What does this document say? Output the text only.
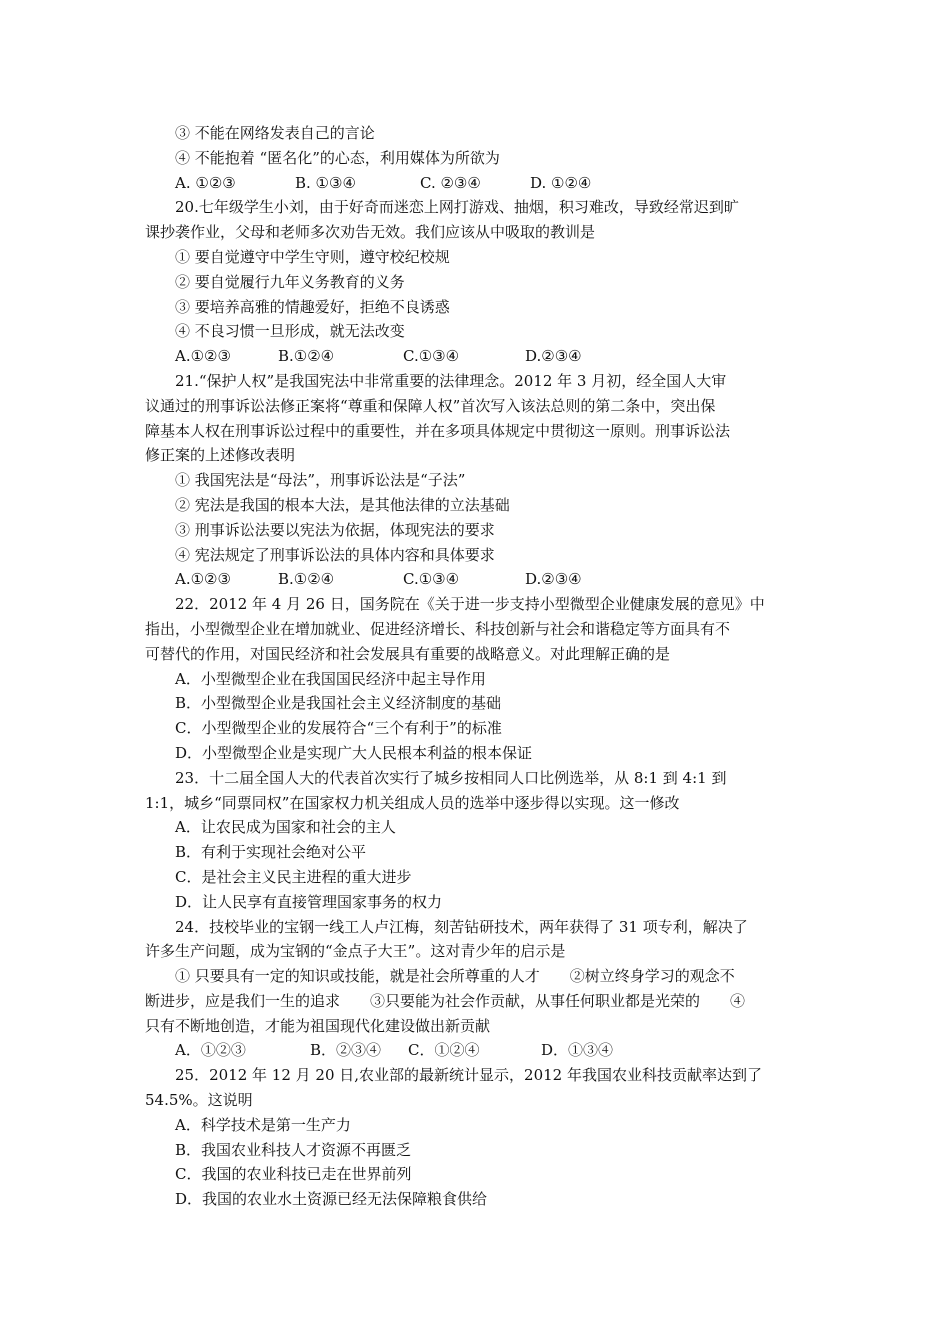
③ 不能在网络发表自己的言论
④ 不能抱着 “匿名化”的心态，利用媒体为所欲为
A. ①②③	B. ①③④	C. ②③④	D. ①②④
20.七年级学生小刘，由于好奇而迷恋上网打游戏、抽烟，积习难改，导致经常迟到旷
课抄袭作业，父母和老师多次劝告无效。我们应该从中吸取的教训是
① 要自觉遵守中学生守则，遵守校纪校规
② 要自觉履行九年义务教育的义务
③ 要培养高雅的情趣爱好，拒绝不良诱惑
④ 不良习惯一旦形成，就无法改变
A.①②③	B.①②④	C.①③④	D.②③④
21.“保护人权”是我国宪法中非常重要的法律理念。2012 年 3 月初，经全国人大审
议通过的刑事诉讼法修正案将“尊重和保障人权”首次写入该法总则的第二条中，突出保
障基本人权在刑事诉讼过程中的重要性，并在多项具体规定中贯彻这一原则。刑事诉讼法
修正案的上述修改表明
① 我国宪法是“母法”，刑事诉讼法是“子法”
② 宪法是我国的根本大法，是其他法律的立法基础
③ 刑事诉讼法要以宪法为依据，体现宪法的要求
④ 宪法规定了刑事诉讼法的具体内容和具体要求
A.①②③	B.①②④	C.①③④	D.②③④
22．2012 年 4 月 26 日，国务院在《关于进一步支持小型微型企业健康发展的意见》中
指出，小型微型企业在增加就业、促进经济增长、科技创新与社会和谐稳定等方面具有不
可替代的作用，对国民经济和社会发展具有重要的战略意义。对此理解正确的是
A．小型微型企业在我国国民经济中起主导作用
B．小型微型企业是我国社会主义经济制度的基础
C．小型微型企业的发展符合“三个有利于”的标准
D．小型微型企业是实现广大人民根本利益的根本保证
23．十二届全国人大的代表首次实行了城乡按相同人口比例选举，从 8:1 到 4:1 到
1:1，城乡“同票同权”在国家权力机关组成人员的选举中逐步得以实现。这一修改
A．让农民成为国家和社会的主人
B．有利于实现社会绝对公平
C．是社会主义民主进程的重大进步
D．让人民享有直接管理国家事务的权力
24．技校毕业的宝钢一线工人卢江梅，刻苦钻研技术，两年获得了 31 项专利，解决了
许多生产问题，成为宝钢的“金点子大王”。这对青少年的启示是
① 只要具有一定的知识或技能，就是社会所尊重的人才　　②树立终身学习的观念不
断进步，应是我们一生的追求　　③只要能为社会作贡献，从事任何职业都是光荣的　　④
只有不断地创造，才能为祖国现代化建设做出新贡献
A．①②③	B．②③④ C．①②④	D．①③④
25．2012 年 12 月 20 日,农业部的最新统计显示，2012 年我国农业科技贡献率达到了
54.5%。这说明
A．科学技术是第一生产力
B．我国农业科技人才资源不再匮乏
C．我国的农业科技已走在世界前列
D．我国的农业水土资源已经无法保障粮食供给
